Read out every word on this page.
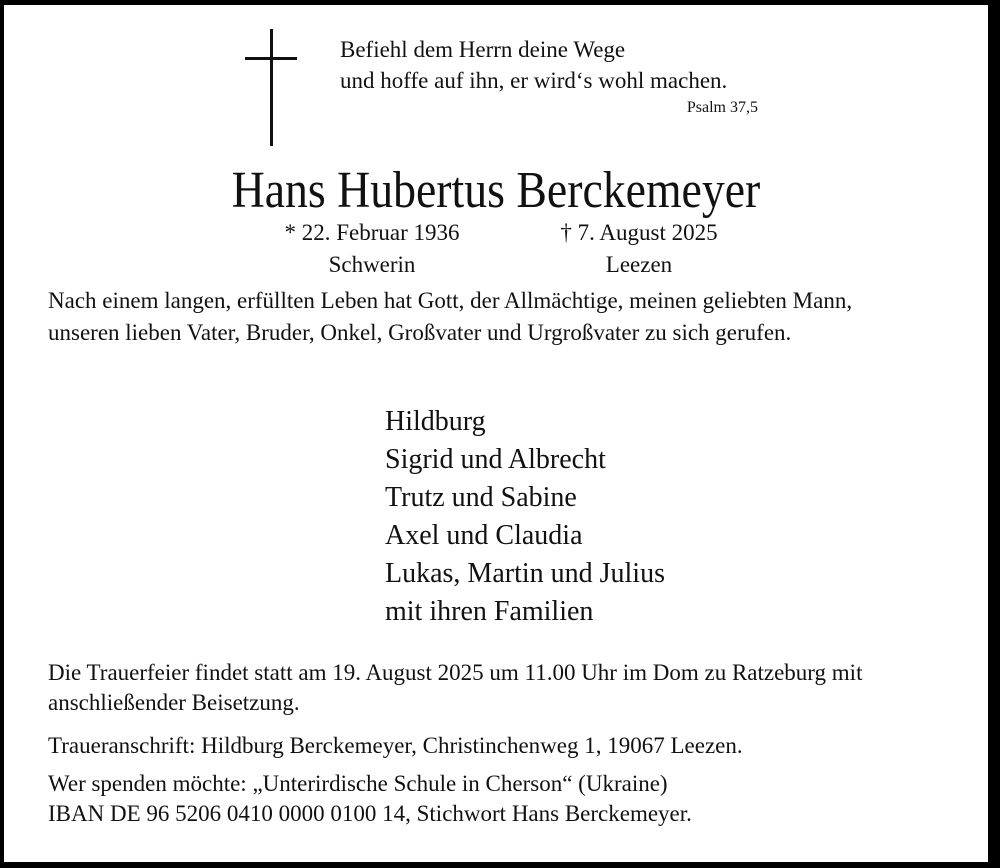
Befiehl dem Herrn deine Wege
und hoffe auf ihn, er wird‘s wohl machen.
Psalm 37,5
Hans Hubertus Berckemeyer
* 22. Februar 1936
Schwerin
† 7. August 2025
Leezen
Nach einem langen, erfüllten Leben hat Gott, der Allmächtige, meinen geliebten Mann,
unseren lieben Vater, Bruder, Onkel, Großvater und Urgroßvater zu sich gerufen.
Hildburg
Sigrid und Albrecht
Trutz und Sabine
Axel und Claudia
Lukas, Martin und Julius
mit ihren Familien
Die Trauerfeier findet statt am 19. August 2025 um 11.00 Uhr im Dom zu Ratzeburg mit
anschließender Beisetzung.
Traueranschrift: Hildburg Berckemeyer, Christinchenweg 1, 19067 Leezen.
Wer spenden möchte: „Unterirdische Schule in Cherson“ (Ukraine)
IBAN DE 96 5206 0410 0000 0100 14, Stichwort Hans Berckemeyer.
